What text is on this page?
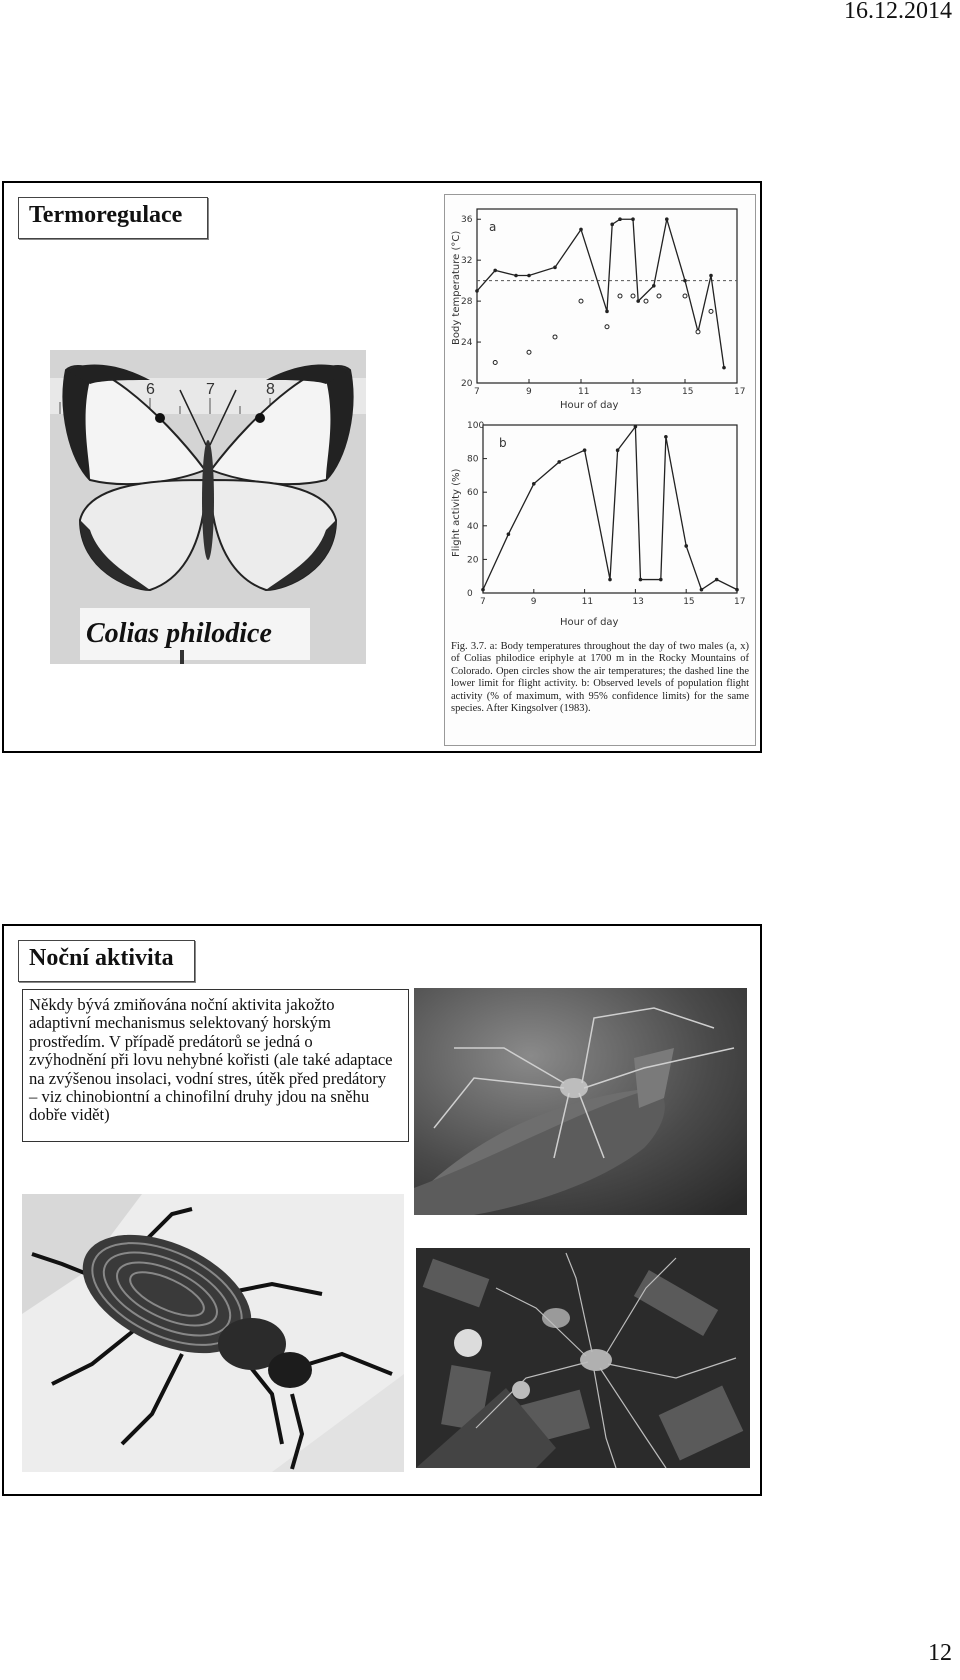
16.12.2014
Termoregulace
6	7	8
Colias philodice
a
Hour of day
Body temperature (°C)
7	9	11	13	15	17
20
24
28
32
36
b
Hour of day
Flight activity (%)
7	9	11	13	15	17
0
20
40
60
80
100
Fig. 3.7. a: Body temperatures throughout the day of two males (a, x) of Colias philodice eriphyle at 1700 m in the Rocky Mountains of Colorado. Open circles show the air temperatures; the dashed line the lower limit for flight activity. b: Observed levels of population flight activity (% of maximum, with 95% confidence limits) for the same species. After Kingsolver (1983).
Noční aktivita
Někdy bývá zmiňována noční aktivita jakožto
adaptivní mechanismus selektovaný horským
prostředím. V případě predátorů se jedná o
zvýhodnění při lovu nehybné kořisti (ale také adaptace
na zvýšenou insolaci, vodní stres, útěk před predátory
– viz chinobiontní a chinofilní druhy jdou na sněhu
dobře vidět)
12
